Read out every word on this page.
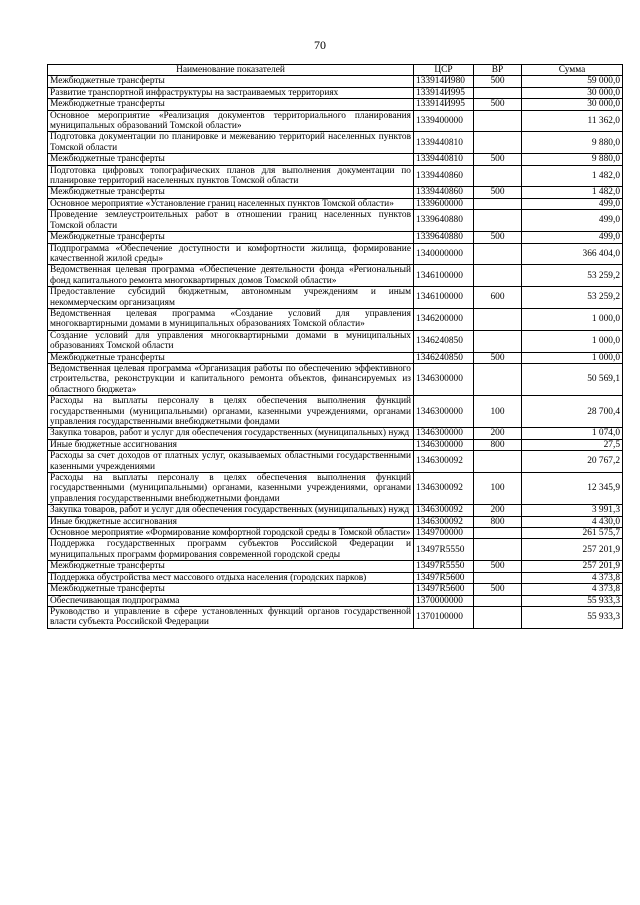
70
Наименование показателей	ЦСР	ВР	Сумма
Межбюджетные трансферты	133914И980	500	59 000,0
Развитие транспортной инфраструктуры на застраиваемых территориях	133914И995		30 000,0
Межбюджетные трансферты	133914И995	500	30 000,0
Основное мероприятие «Реализация документов территориального планирования муниципальных образований Томской области»	1339400000		11 362,0
Подготовка документации по планировке и межеванию территорий населенных пунктов Томской области	1339440810		9 880,0
Межбюджетные трансферты	1339440810	500	9 880,0
Подготовка цифровых топографических планов для выполнения документации по планировке территорий населенных пунктов Томской области	1339440860		1 482,0
Межбюджетные трансферты	1339440860	500	1 482,0
Основное мероприятие «Установление границ населенных пунктов Томской области»	1339600000		499,0
Проведение землеустроительных работ в отношении границ населенных пунктов Томской области	1339640880		499,0
Межбюджетные трансферты	1339640880	500	499,0
Подпрограмма «Обеспечение доступности и комфортности жилища, формирование качественной жилой среды»	1340000000		366 404,0
Ведомственная целевая программа «Обеспечение деятельности фонда «Региональный фонд капитального ремонта многоквартирных домов Томской области»	1346100000		53 259,2
Предоставление субсидий бюджетным, автономным учреждениям и иным некоммерческим организациям	1346100000	600	53 259,2
Ведомственная целевая программа «Создание условий для управления многоквартирными домами в муниципальных образованиях Томской области»	1346200000		1 000,0
Создание условий для управления многоквартирными домами в муниципальных образованиях Томской области	1346240850		1 000,0
Межбюджетные трансферты	1346240850	500	1 000,0
Ведомственная целевая программа «Организация работы по обеспечению эффективного строительства, реконструкции и капитального ремонта объектов, финансируемых из областного бюджета»	1346300000		50 569,1
Расходы на выплаты персоналу в целях обеспечения выполнения функций государственными (муниципальными) органами, казенными учреждениями, органами управления государственными внебюджетными фондами	1346300000	100	28 700,4
Закупка товаров, работ и услуг для обеспечения государственных (муниципальных) нужд	1346300000	200	1 074,0
Иные бюджетные ассигнования	1346300000	800	27,5
Расходы за счет доходов от платных услуг, оказываемых областными государственными казенными учреждениями	1346300092		20 767,2
Расходы на выплаты персоналу в целях обеспечения выполнения функций государственными (муниципальными) органами, казенными учреждениями, органами управления государственными внебюджетными фондами	1346300092	100	12 345,9
Закупка товаров, работ и услуг для обеспечения государственных (муниципальных) нужд	1346300092	200	3 991,3
Иные бюджетные ассигнования	1346300092	800	4 430,0
Основное мероприятие «Формирование комфортной городской среды в Томской области»	1349700000		261 575,7
Поддержка государственных программ субъектов Российской Федерации и муниципальных программ формирования современной городской среды	13497R5550		257 201,9
Межбюджетные трансферты	13497R5550	500	257 201,9
Поддержка обустройства мест массового отдыха населения (городских парков)	13497R5600		4 373,8
Межбюджетные трансферты	13497R5600	500	4 373,8
Обеспечивающая подпрограмма	1370000000		55 933,3
Руководство и управление в сфере установленных функций органов государственной власти субъекта Российской Федерации	1370100000		55 933,3
